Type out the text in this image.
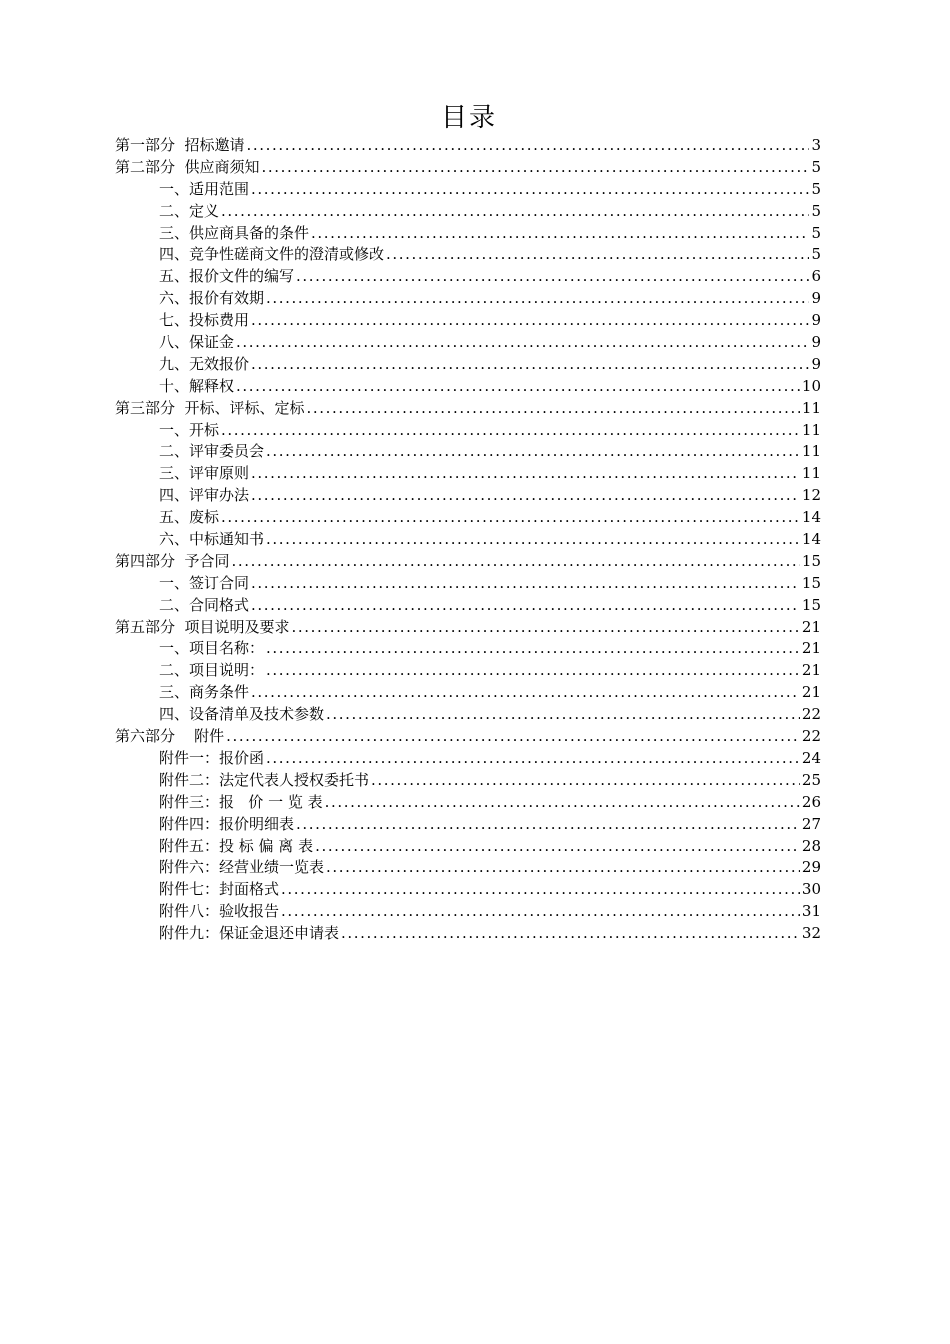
目录
第一部分  招标邀请 .....	3
第二部分  供应商须知 .....	5
一、适用范围 .....	5
二、定义 .....	5
三、供应商具备的条件 .....	5
四、竞争性磋商文件的澄清或修改 .....	5
五、报价文件的编写 .....	6
六、报价有效期 .....	9
七、投标费用 .....	9
八、保证金 .....	9
九、无效报价 .....	9
十、解释权 .....	10
第三部分  开标、评标、定标 .....	11
一、开标 .....	11
二、评审委员会 .....	11
三、评审原则 .....	11
四、评审办法 .....	12
五、废标 .....	14
六、中标通知书 .....	14
第四部分  予合同 .....	15
一、签订合同 .....	15
二、合同格式 .....	15
第五部分  项目说明及要求 .....	21
一、项目名称： .....	21
二、项目说明： .....	21
三、商务条件 .....	21
四、设备清单及技术参数 .....	22
第六部分    附件 .....	22
附件一：报价函 .....	24
附件二：法定代表人授权委托书 .....	25
附件三：报   价 一 览 表 .....	26
附件四：报价明细表 .....	27
附件五：投 标 偏 离 表 .....	28
附件六：经营业绩一览表 .....	29
附件七：封面格式 .....	30
附件八：验收报告 .....	31
附件九：保证金退还申请表 .....	32
